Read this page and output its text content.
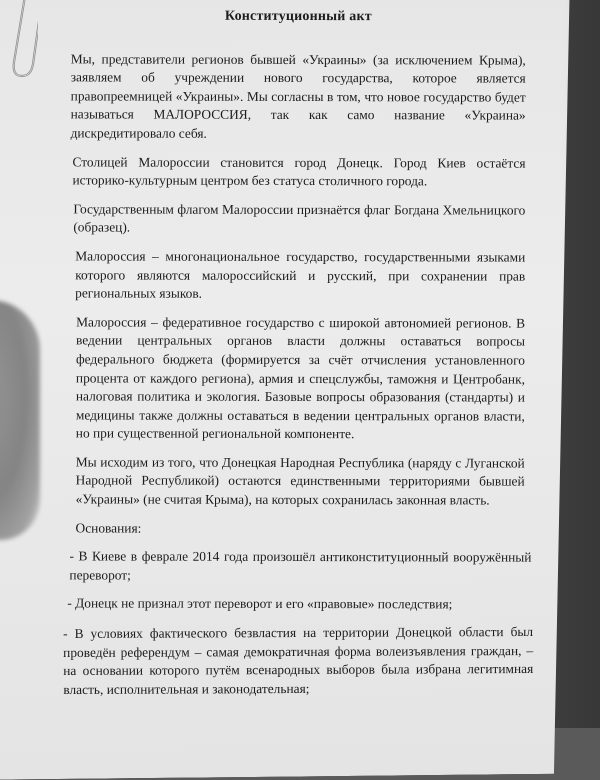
Конституционный акт

Мы, представители регионов бывшей «Украины» (за исключением Крыма), заявляем об учреждении нового государства, которое является правопреемницей «Украины». Мы согласны в том, что новое государство будет называться МАЛОРОССИЯ, так как само название «Украина» дискредитировало себя.

Столицей Малороссии становится город Донецк. Город Киев остаётся историко-культурным центром без статуса столичного города.

Государственным флагом Малороссии признаётся флаг Богдана Хмельницкого (образец).

Малороссия – многонациональное государство, государственными языками которого являются малороссийский и русский, при сохранении прав региональных языков.

Малороссия – федеративное государство с широкой автономией регионов. В ведении центральных органов власти должны оставаться вопросы федерального бюджета (формируется за счёт отчисления установленного процента от каждого региона), армия и спецслужбы, таможня и Центробанк, налоговая политика и экология. Базовые вопросы образования (стандарты) и медицины также должны оставаться в ведении центральных органов власти, но при существенной региональной компоненте.

Мы исходим из того, что Донецкая Народная Республика (наряду с Луганской Народной Республикой) остаются единственными территориями бывшей «Украины» (не считая Крыма), на которых сохранилась законная власть.

Основания:

- В Киеве в феврале 2014 года произошёл антиконституционный вооружённый переворот;

- Донецк не признал этот переворот и его «правовые» последствия;

- В условиях фактического безвластия на территории Донецкой области был проведён референдум – самая демократичная форма волеизъявления граждан, – на основании которого путём всенародных выборов была избрана легитимная власть, исполнительная и законодательная;
